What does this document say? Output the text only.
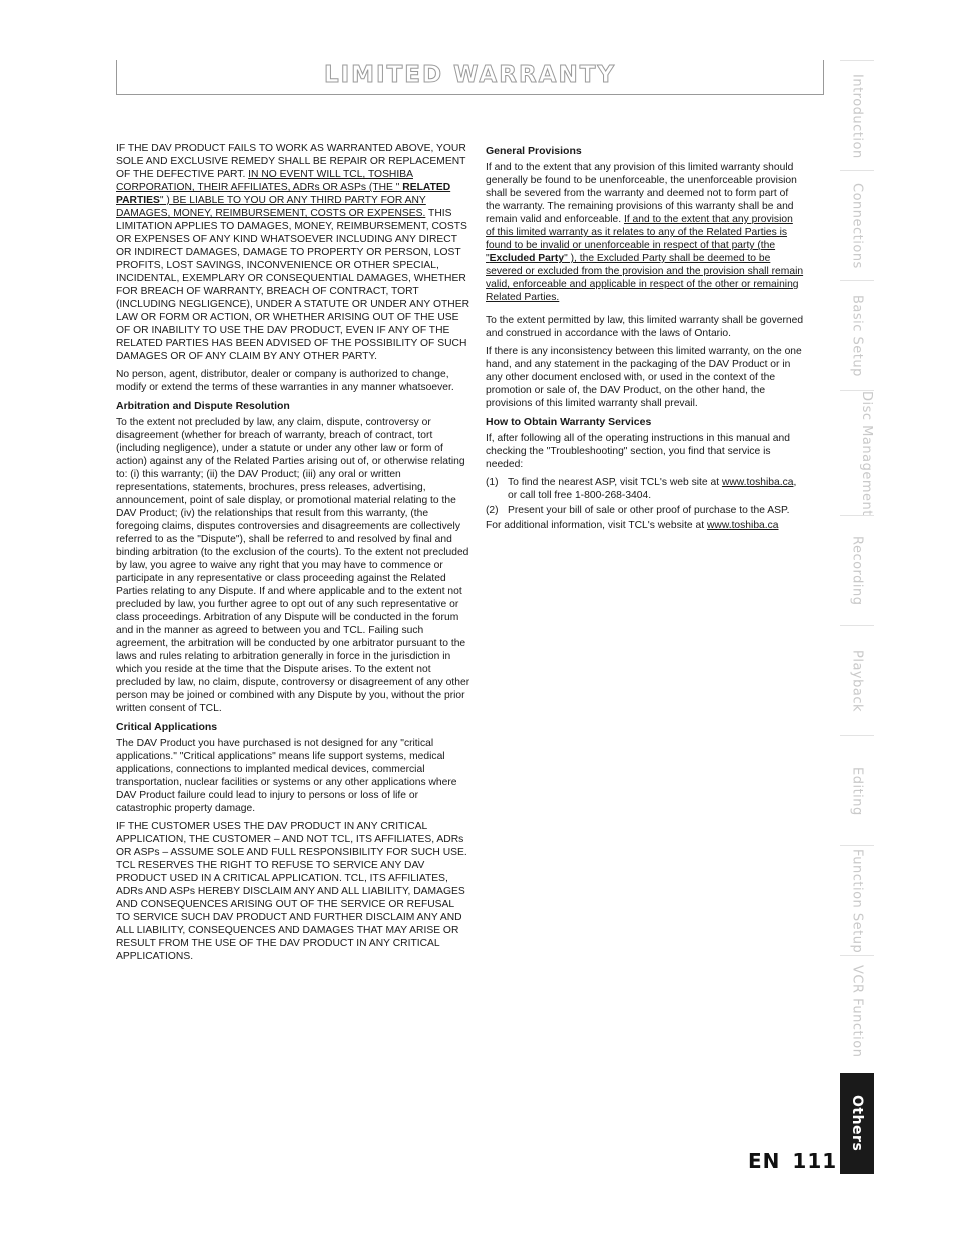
LIMITED WARRANTY

IF THE DAV PRODUCT FAILS TO WORK AS WARRANTED ABOVE, YOUR SOLE AND EXCLUSIVE REMEDY SHALL BE REPAIR OR REPLACEMENT OF THE DEFECTIVE PART. IN NO EVENT WILL TCL, TOSHIBA CORPORATION, THEIR AFFILIATES, ADRs OR ASPs (THE " RELATED PARTIES" ) BE LIABLE TO YOU OR ANY THIRD PARTY FOR ANY DAMAGES, MONEY, REIMBURSEMENT, COSTS OR EXPENSES. THIS LIMITATION APPLIES TO DAMAGES, MONEY, REIMBURSEMENT, COSTS OR EXPENSES OF ANY KIND WHATSOEVER INCLUDING ANY DIRECT OR INDIRECT DAMAGES, DAMAGE TO PROPERTY OR PERSON, LOST PROFITS, LOST SAVINGS, INCONVENIENCE OR OTHER SPECIAL, INCIDENTAL, EXEMPLARY OR CONSEQUENTIAL DAMAGES, WHETHER FOR BREACH OF WARRANTY, BREACH OF CONTRACT, TORT (INCLUDING NEGLIGENCE), UNDER A STATUTE OR UNDER ANY OTHER LAW OR FORM OR ACTION, OR WHETHER ARISING OUT OF THE USE OF OR INABILITY TO USE THE DAV PRODUCT, EVEN IF ANY OF THE RELATED PARTIES HAS BEEN ADVISED OF THE POSSIBILITY OF SUCH DAMAGES OR OF ANY CLAIM BY ANY OTHER PARTY.

No person, agent, distributor, dealer or company is authorized to change, modify or extend the terms of these warranties in any manner whatsoever.

Arbitration and Dispute Resolution

To the extent not precluded by law, any claim, dispute, controversy or disagreement (whether for breach of warranty, breach of contract, tort (including negligence), under a statute or under any other law or form of action) against any of the Related Parties arising out of, or otherwise relating to: (i) this warranty; (ii) the DAV Product; (iii) any oral or written representations, statements, brochures, press releases, advertising, announcement, point of sale display, or promotional material relating to the DAV Product; (iv) the relationships that result from this warranty, (the foregoing claims, disputes controversies and disagreements are collectively referred to as the "Dispute"), shall be referred to and resolved by final and binding arbitration (to the exclusion of the courts). To the extent not precluded by law, you agree to waive any right that you may have to commence or participate in any representative or class proceeding against the Related Parties relating to any Dispute. If and where applicable and to the extent not precluded by law, you further agree to opt out of any such representative or class proceedings. Arbitration of any Dispute will be conducted in the forum and in the manner as agreed to between you and TCL. Failing such agreement, the arbitration will be conducted by one arbitrator pursuant to the laws and rules relating to arbitration generally in force in the jurisdiction in which you reside at the time that the Dispute arises. To the extent not precluded by law, no claim, dispute, controversy or disagreement of any other person may be joined or combined with any Dispute by you, without the prior written consent of TCL.

Critical Applications

The DAV Product you have purchased is not designed for any "critical applications." "Critical applications" means life support systems, medical applications, connections to implanted medical devices, commercial transportation, nuclear facilities or systems or any other applications where DAV Product failure could lead to injury to persons or loss of life or catastrophic property damage.

IF THE CUSTOMER USES THE DAV PRODUCT IN ANY CRITICAL APPLICATION, THE CUSTOMER – AND NOT TCL, ITS AFFILIATES, ADRs OR ASPs – ASSUME SOLE AND FULL RESPONSIBILITY FOR SUCH USE. TCL RESERVES THE RIGHT TO REFUSE TO SERVICE ANY DAV PRODUCT USED IN A CRITICAL APPLICATION. TCL, ITS AFFILIATES, ADRs AND ASPs HEREBY DISCLAIM ANY AND ALL LIABILITY, DAMAGES AND CONSEQUENCES ARISING OUT OF THE SERVICE OR REFUSAL TO SERVICE SUCH DAV PRODUCT AND FURTHER DISCLAIM ANY AND ALL LIABILITY, CONSEQUENCES AND DAMAGES THAT MAY ARISE OR RESULT FROM THE USE OF THE DAV PRODUCT IN ANY CRITICAL APPLICATIONS.

General Provisions

If and to the extent that any provision of this limited warranty should generally be found to be unenforceable, the unenforceable provision shall be severed from the warranty and deemed not to form part of the warranty. The remaining provisions of this warranty shall be and remain valid and enforceable. If and to the extent that any provision of this limited warranty as it relates to any of the Related Parties is found to be invalid or unenforceable in respect of that party (the "Excluded Party" ), the Excluded Party shall be deemed to be severed or excluded from the provision and the provision shall remain valid, enforceable and applicable in respect of the other or remaining Related Parties.

To the extent permitted by law, this limited warranty shall be governed and construed in accordance with the laws of Ontario.

If there is any inconsistency between this limited warranty, on the one hand, and any statement in the packaging of the DAV Product or in any other document enclosed with, or used in the context of the promotion or sale of, the DAV Product, on the other hand, the provisions of this limited warranty shall prevail.

How to Obtain Warranty Services

If, after following all of the operating instructions in this manual and checking the "Troubleshooting" section, you find that service is needed:

(1) To find the nearest ASP, visit TCL's web site at www.toshiba.ca, or call toll free 1-800-268-3404.
(2) Present your bill of sale or other proof of purchase to the ASP.

For additional information, visit TCL's website at www.toshiba.ca

Introduction
Connections
Basic Setup
Disc Management
Recording
Playback
Editing
Function Setup
VCR Function
Others
EN 111
